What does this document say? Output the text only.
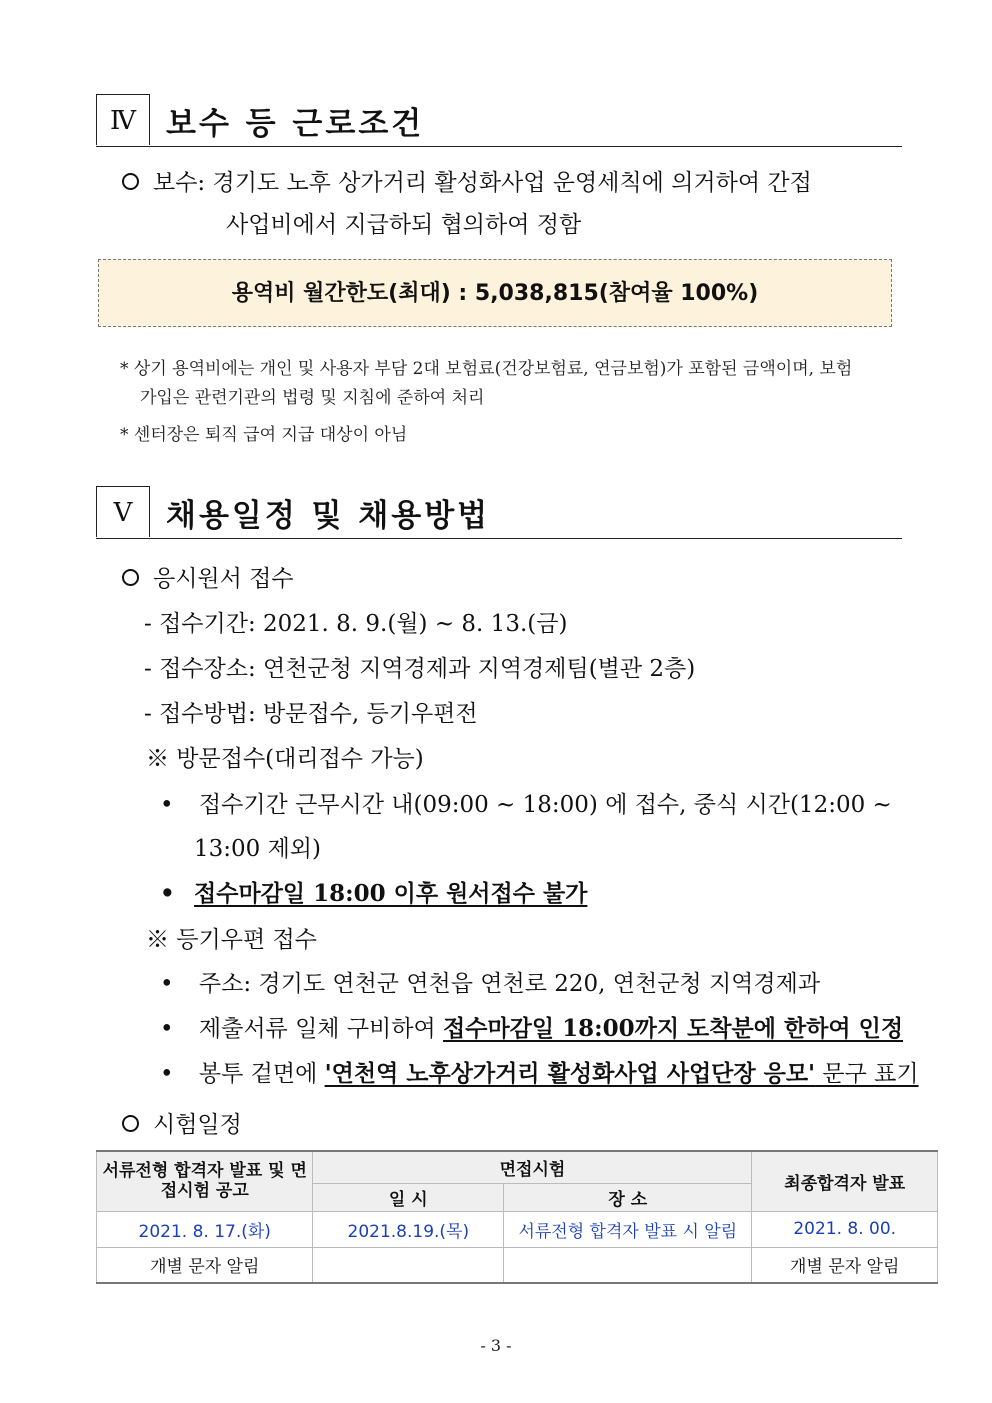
Ⅳ 보수 등 근로조건
보수: 경기도 노후 상가거리 활성화사업 운영세칙에 의거하여 간접
사업비에서 지급하되 협의하여 정함
용역비 월간한도(최대) : 5,038,815(참여율 100%)
* 상기 용역비에는 개인 및 사용자 부담 2대 보험료(건강보험료, 연금보험)가 포함된 금액이며, 보험
가입은 관련기관의 법령 및 지침에 준하여 처리
* 센터장은 퇴직 급여 지급 대상이 아님
Ⅴ	채용일정 및 채용방법
응시원서 접수
- 접수기간: 2021. 8. 9.(월) ~ 8. 13.(금)
- 접수장소: 연천군청 지역경제과 지역경제팀(별관 2층)
- 접수방법: 방문접수, 등기우편전
※ 방문접수(대리접수 가능)
• 접수기간 근무시간 내(09:00 ~ 18:00) 에 접수, 중식 시간(12:00 ~
13:00 제외)
• 접수마감일 18:00 이후 원서접수 불가
※ 등기우편 접수
• 주소: 경기도 연천군 연천읍 연천로 220, 연천군청 지역경제과
• 제출서류 일체 구비하여 접수마감일 18:00까지 도착분에 한하여 인정
• 봉투 겉면에 '연천역 노후상가거리 활성화사업 사업단장 응모' 문구 표기
시험일정
서류전형 합격자 발표 및 면접시험 공고	면접시험		최종합격자 발표
	일 시	장 소	
2021. 8. 17.(화)	2021.8.19.(목)	서류전형 합격자 발표 시 알림	2021. 8. 00.
개별 문자 알림			개별 문자 알림
- 3 -
